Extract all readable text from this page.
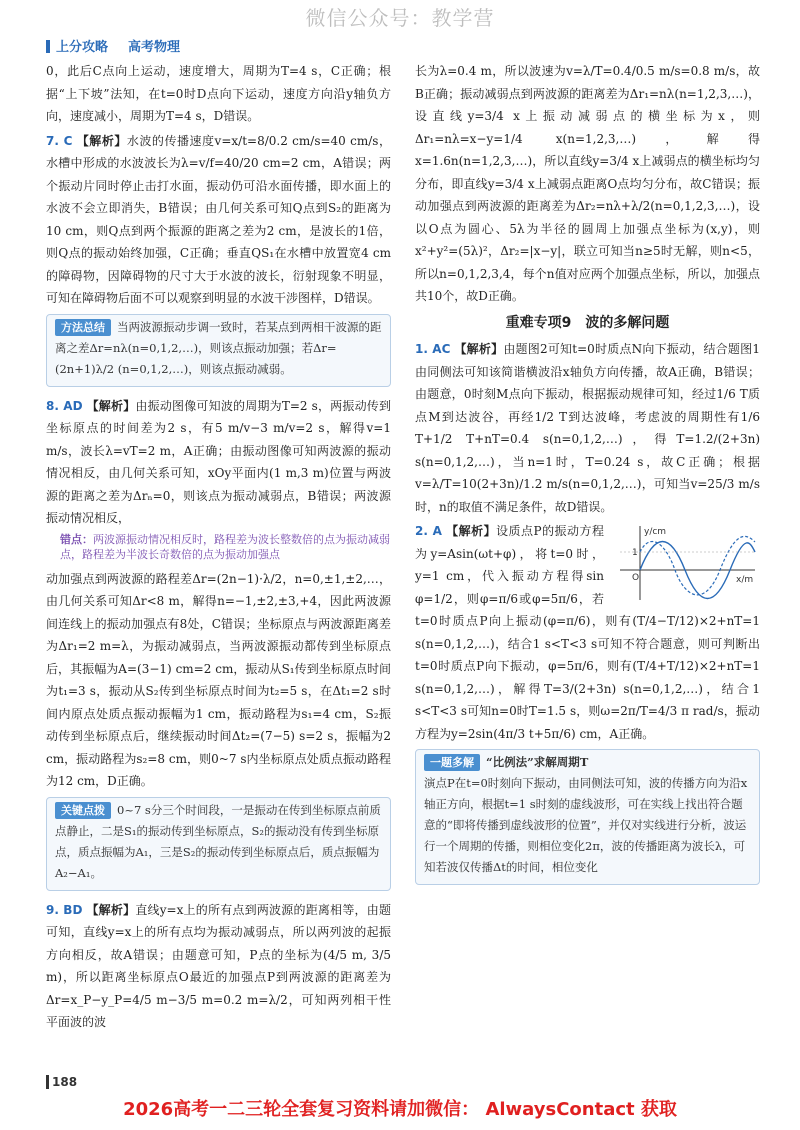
微信公众号：教学营
上分攻略 高考物理

0，此后C点向上运动，速度增大，周期为T=4 s，C正确；根据“上下坡”法知，在t=0时D点向下运动，速度方向沿y轴负方向，速度减小，周期为T=4 s，D错误。

7. C 【解析】水波的传播速度v=x/t=8/0.2 cm/s=40 cm/s，水槽中形成的水波波长为λ=v/f=40/20 cm=2 cm，A错误；两个振动片同时停止击打水面，振动仍可沿水面传播，即水面上的水波不会立即消失，B错误；由几何关系可知Q点到S₂的距离为10 cm，则Q点到两个振源的距离之差为2 cm，是波长的1倍，则Q点的振动始终加强，C正确；垂直QS₁在水槽中放置宽4 cm的障碍物，因障碍物的尺寸大于水波的波长，衍射现象不明显，可知在障碍物后面不可以观察到明显的水波干涉图样，D错误。

方法总结 当两波源振动步调一致时，若某点到两相干波源的距离之差Δr=nλ(n=0,1,2,…)，则该点振动加强；若Δr=(2n+1)λ/2 (n=0,1,2,…)，则该点振动减弱。

8. AD 【解析】由振动图像可知波的周期为T=2 s，两振动传到坐标原点的时间差为2 s，有5 m/v−3 m/v=2 s，解得v=1 m/s，波长λ=vT=2 m，A正确；由振动图像可知两波源的振动情况相反，由几何关系可知，xOy平面内(1 m,3 m)位置与两波源的距离之差为Δrₙ=0，则该点为振动减弱点，B错误；两波源振动情况相反，

错点：两波源振动情况相反时，路程差为波长整数倍的点为振动减弱点，路程差为半波长奇数倍的点为振动加强点

动加强点到两波源的路程差Δr=(2n−1)·λ/2，n=0,±1,±2,…，由几何关系可知Δr<8 m，解得n=−1,±2,±3,+4，因此两波源间连线上的振动加强点有8处，C错误；坐标原点与两波源距离差为Δr₁=2 m=λ，为振动减弱点，当两波源振动都传到坐标原点后，其振幅为A=(3−1) cm=2 cm，振动从S₁传到坐标原点时间为t₁=3 s，振动从S₂传到坐标原点时间为t₂=5 s，在Δt₁=2 s时间内原点处质点振动振幅为1 cm，振动路程为s₁=4 cm，S₂振动传到坐标原点后，继续振动时间Δt₂=(7−5) s=2 s，振幅为2 cm，振动路程为s₂=8 cm，则0~7 s内坐标原点处质点振动路程为12 cm，D正确。

关键点拨 0~7 s分三个时间段，一是振动在传到坐标原点前质点静止，二是S₁的振动传到坐标原点，S₂的振动没有传到坐标原点，质点振幅为A₁，三是S₂的振动传到坐标原点后，质点振幅为A₂−A₁。

9. BD 【解析】直线y=x上的所有点到两波源的距离相等，由题可知，直线y=x上的所有点均为振动减弱点，所以两列波的起振方向相反，故A错误；由题意可知，P点的坐标为(4/5 m, 3/5 m)，所以距离坐标原点O最近的加强点P到两波源的距离差为Δr=x_P−y_P=4/5 m−3/5 m=0.2 m=λ/2，可知两列相干性平面波的波

长为λ=0.4 m，所以波速为v=λ/T=0.4/0.5 m/s=0.8 m/s，故B正确；振动减弱点到两波源的距离差为Δr₁=nλ(n=1,2,3,…)，设直线y=3/4 x上振动减弱点的横坐标为x，则Δr₁=nλ=x−y=1/4 x(n=1,2,3,…)，解得x=1.6n(n=1,2,3,…)，所以直线y=3/4 x上减弱点的横坐标均匀分布，即直线y=3/4 x上减弱点距离O点均匀分布，故C错误；振动加强点到两波源的距离差为Δr₂=nλ+λ/2(n=0,1,2,3,…)，设以O点为圆心、5λ为半径的圆周上加强点坐标为(x,y)，则x²+y²=(5λ)²，Δr₂=|x−y|，联立可知当n≥5时无解，则n<5，所以n=0,1,2,3,4，每个n值对应两个加强点坐标，所以，加强点共10个，故D正确。

重难专项9　波的多解问题

1. AC 【解析】由题图2可知t=0时质点N向下振动，结合题图1由同侧法可知该简谐横波沿x轴负方向传播，故A正确，B错误；由题意，0时刻M点向下振动，根据振动规律可知，经过1/6 T质点M到达波谷，再经1/2 T到达波峰，考虑波的周期性有1/6 T+1/2 T+nT=0.4 s(n=0,1,2,…)，得T=1.2/(2+3n) s(n=0,1,2,…)，当n=1时，T=0.24 s，故C正确；根据v=λ/T=10(2+3n)/1.2 m/s(n=0,1,2,…)，可知当v=25/3 m/s时，n的取值不满足条件，故D错误。

y/cm
x/m
O
1
2. A 【解析】设质点P的振动方程为y=Asin(ωt+φ)，将t=0时，y=1 cm，代入振动方程得sin φ=1/2，则φ=π/6或φ=5π/6，若t=0时质点P向上振动(φ=π/6)，则有(T/4−T/12)×2+nT=1 s(n=0,1,2,…)，结合1 s<T<3 s可知不符合题意，则可判断出t=0时质点P向下振动，φ=5π/6，则有(T/4+T/12)×2+nT=1 s(n=0,1,2,…)，解得T=3/(2+3n) s(n=0,1,2,…)，结合1 s<T<3 s可知n=0时T=1.5 s，则ω=2π/T=4/3 π rad/s，振动方程为y=2sin(4π/3 t+5π/6) cm，A正确。

一题多解 “比例法”求解周期T
演点P在t=0时刻向下振动，由同侧法可知，波的传播方向为沿x轴正方向，根据t=1 s时刻的虚线波形，可在实线上找出符合题意的“即将传播到虚线波形的位置”，并仅对实线进行分析，波运行一个周期的传播，则相位变化2π，波的传播距离为波长λ，可知若波仅传播Δt的时间，相位变化
188
2026高考一二三轮全套复习资料请加微信： AlwaysContact 获取
